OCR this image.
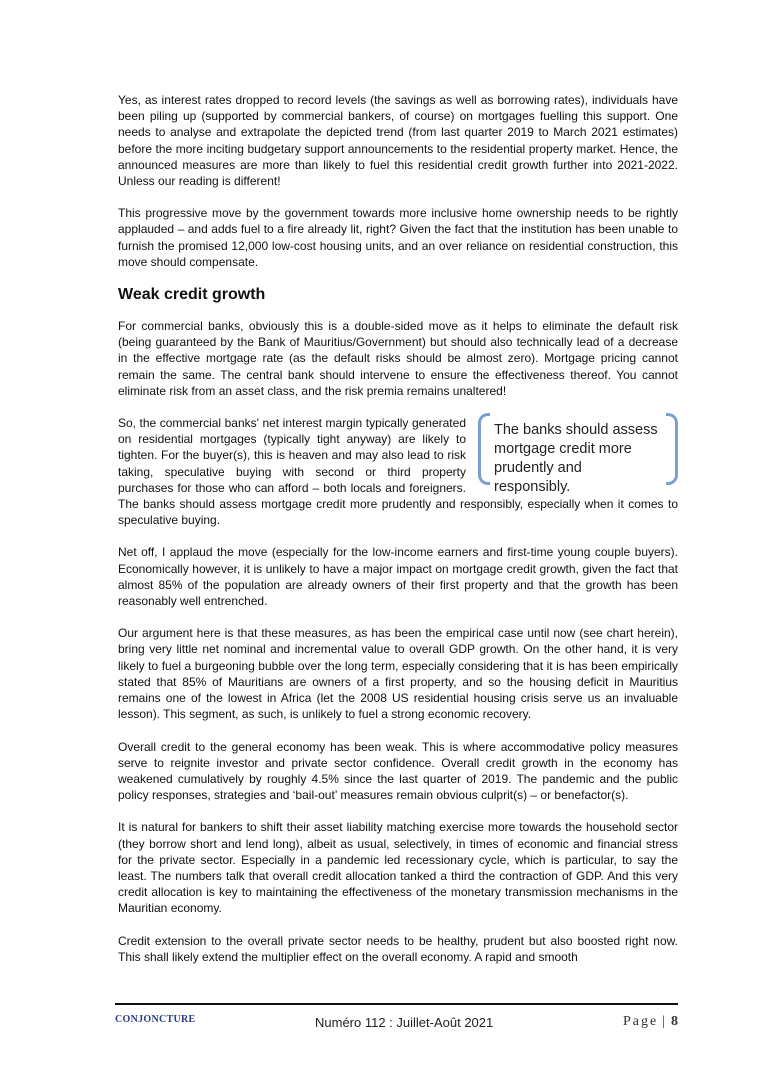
Yes, as interest rates dropped to record levels (the savings as well as borrowing rates), individuals have been piling up (supported by commercial bankers, of course) on mortgages fuelling this support. One needs to analyse and extrapolate the depicted trend (from last quarter 2019 to March 2021 estimates) before the more inciting budgetary support announcements to the residential property market. Hence, the announced measures are more than likely to fuel this residential credit growth further into 2021-2022. Unless our reading is different!

This progressive move by the government towards more inclusive home ownership needs to be rightly applauded – and adds fuel to a fire already lit, right? Given the fact that the institution has been unable to furnish the promised 12,000 low-cost housing units, and an over reliance on residential construction, this move should compensate.

Weak credit growth

For commercial banks, obviously this is a double-sided move as it helps to eliminate the default risk (being guaranteed by the Bank of Mauritius/Government) but should also technically lead of a decrease in the effective mortgage rate (as the default risks should be almost zero). Mortgage pricing cannot remain the same. The central bank should intervene to ensure the effectiveness thereof. You cannot eliminate risk from an asset class, and the risk premia remains unaltered!

The banks should assess mortgage credit more prudently and responsibly.

So, the commercial banks' net interest margin typically generated on residential mortgages (typically tight anyway) are likely to tighten. For the buyer(s), this is heaven and may also lead to risk taking, speculative buying with second or third property purchases for those who can afford – both locals and foreigners. The banks should assess mortgage credit more prudently and responsibly, especially when it comes to speculative buying.

Net off, I applaud the move (especially for the low-income earners and first-time young couple buyers). Economically however, it is unlikely to have a major impact on mortgage credit growth, given the fact that almost 85% of the population are already owners of their first property and that the growth has been reasonably well entrenched.

Our argument here is that these measures, as has been the empirical case until now (see chart herein), bring very little net nominal and incremental value to overall GDP growth. On the other hand, it is very likely to fuel a burgeoning bubble over the long term, especially considering that it is has been empirically stated that 85% of Mauritians are owners of a first property, and so the housing deficit in Mauritius remains one of the lowest in Africa (let the 2008 US residential housing crisis serve us an invaluable lesson). This segment, as such, is unlikely to fuel a strong economic recovery.

Overall credit to the general economy has been weak. This is where accommodative policy measures serve to reignite investor and private sector confidence. Overall credit growth in the economy has weakened cumulatively by roughly 4.5% since the last quarter of 2019. The pandemic and the public policy responses, strategies and ‘bail-out’ measures remain obvious culprit(s) – or benefactor(s).

It is natural for bankers to shift their asset liability matching exercise more towards the household sector (they borrow short and lend long), albeit as usual, selectively, in times of economic and financial stress for the private sector. Especially in a pandemic led recessionary cycle, which is particular, to say the least. The numbers talk that overall credit allocation tanked a third the contraction of GDP. And this very credit allocation is key to maintaining the effectiveness of the monetary transmission mechanisms in the Mauritian economy.

Credit extension to the overall private sector needs to be healthy, prudent but also boosted right now. This shall likely extend the multiplier effect on the overall economy. A rapid and smooth

CONJONCTURE	Numéro 112 : Juillet-Août 2021	Page | 8
